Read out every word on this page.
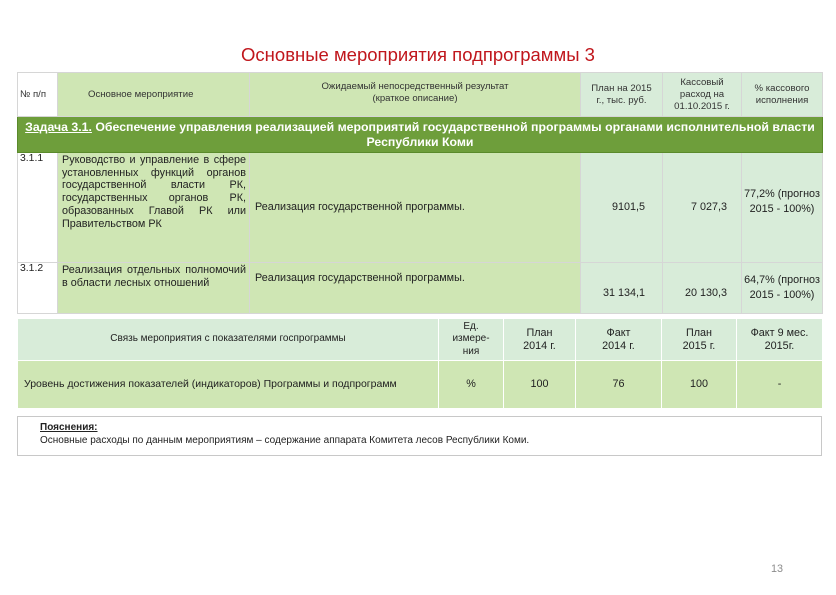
Основные мероприятия подпрограммы 3
№ п/п	Основное мероприятие	Ожидаемый непосредственный результат (краткое описание)	План на 2015 г., тыс. руб.	Кассовый расход на 01.10.2015 г.	% кассового исполнения
Задача 3.1. Обеспечение управления реализацией мероприятий государственной программы органами исполнительной власти Республики Коми					
3.1.1	Руководство и управление в сфере установленных функций органов государственной власти РК, государственных органов РК, образованных Главой РК или Правительством РК	Реализация государственной программы.	9101,5	7 027,3	77,2% (прогноз 2015 - 100%)
3.1.2	Реализация отдельных полномочий в области лесных отношений	Реализация государственной программы.	31 134,1	20 130,3	64,7% (прогноз 2015 - 100%)
Связь мероприятия с показателями госпрограммы	Ед. измере-ния	План 2014 г.	Факт 2014 г.	План 2015 г.	Факт 9 мес. 2015г.
Уровень достижения показателей (индикаторов) Программы и подпрограмм	%	100	76	100	-
Пояснения:
Основные расходы по данным мероприятиям – содержание аппарата Комитета лесов Республики Коми.
13
